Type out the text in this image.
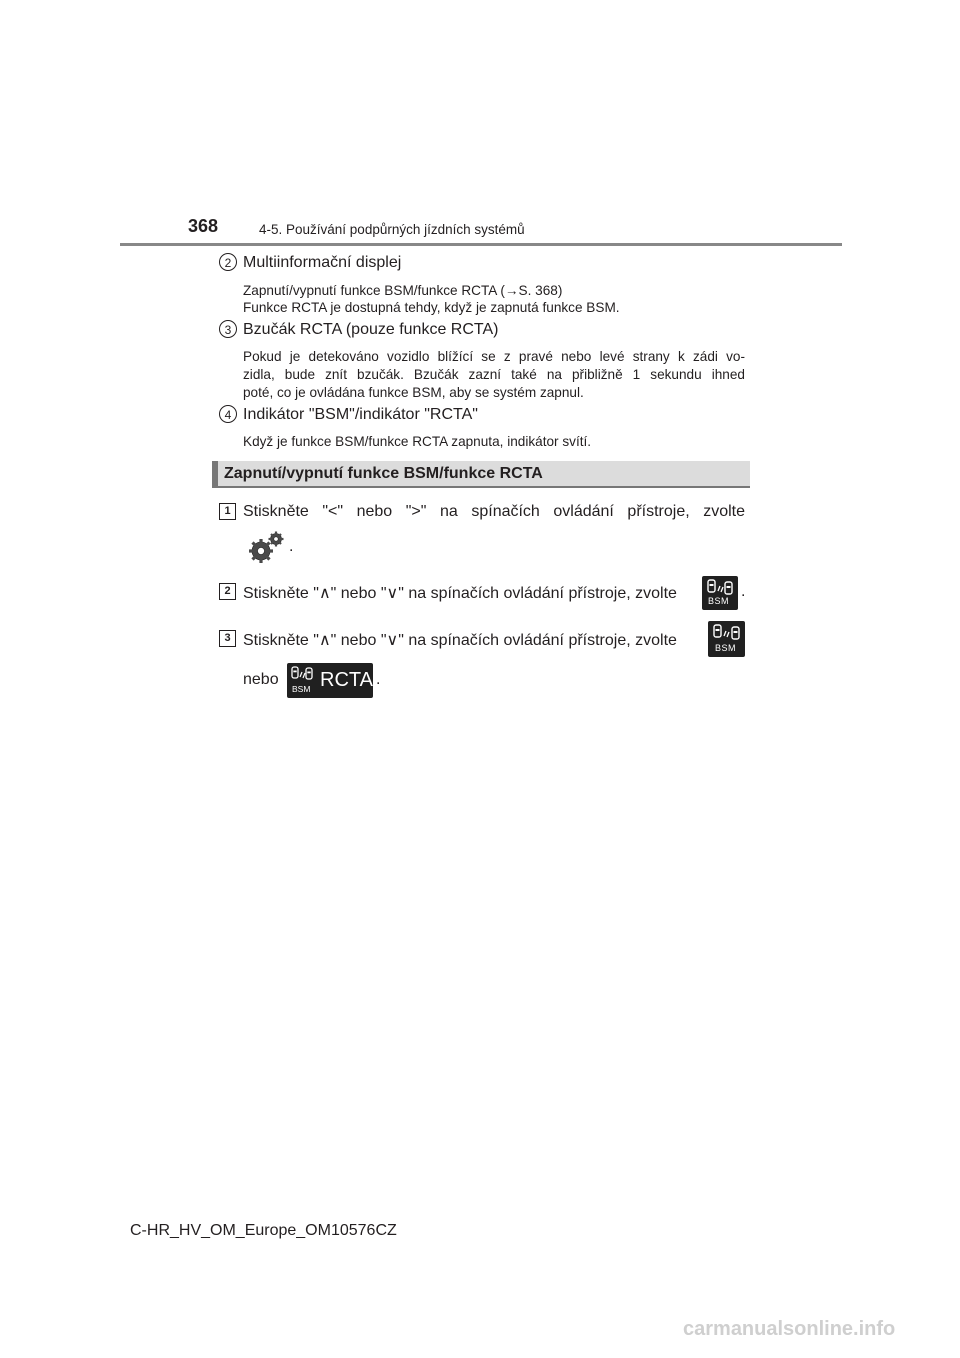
368	4-5. Používání podpůrných jízdních systémů
2 Multiinformační displej
Zapnutí/vypnutí funkce BSM/funkce RCTA (→S. 368)
Funkce RCTA je dostupná tehdy, když je zapnutá funkce BSM.
3 Bzučák RCTA (pouze funkce RCTA)
Pokud je detekováno vozidlo blížící se z pravé nebo levé strany k zádi vo-
zidla, bude znít bzučák. Bzučák zazní také na přibližně 1 sekundu ihned
poté, co je ovládána funkce BSM, aby se systém zapnul.
4 Indikátor "BSM"/indikátor "RCTA"
Když je funkce BSM/funkce RCTA zapnuta, indikátor svítí.
Zapnutí/vypnutí funkce BSM/funkce RCTA
1 Stiskněte "<" nebo ">" na spínačích ovládání přístroje, zvolte
.
2 Stiskněte "∧" nebo "∨" na spínačích ovládání přístroje, zvolte	BSM
.
3 Stiskněte "∧" nebo "∨" na spínačích ovládání přístroje, zvolte	BSM
nebo
BSM RCTA .
C-HR_HV_OM_Europe_OM10576CZ
carmanualsonline.info
